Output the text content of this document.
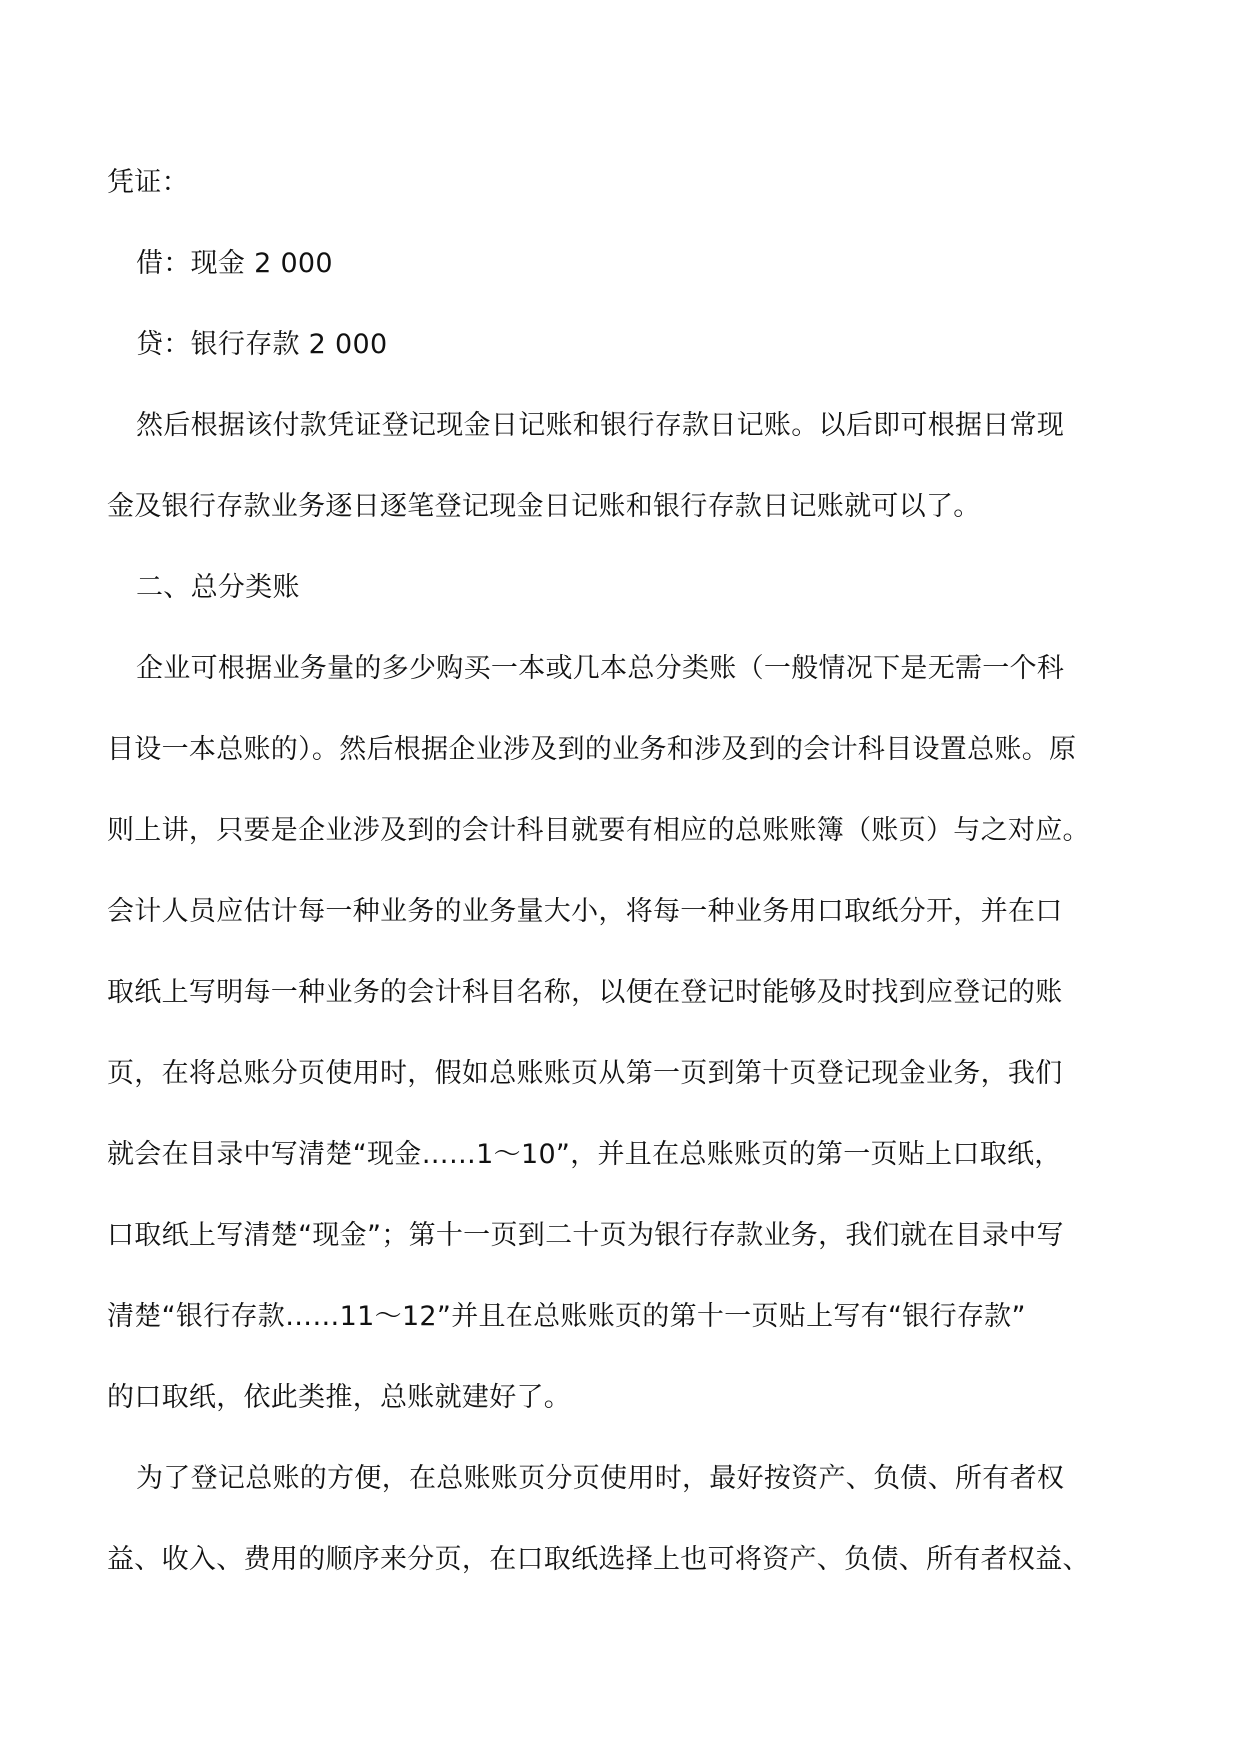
凭证：
借：现金 2 000
贷：银行存款 2 000
然后根据该付款凭证登记现金日记账和银行存款日记账。以后即可根据日常现
金及银行存款业务逐日逐笔登记现金日记账和银行存款日记账就可以了。
二、总分类账
企业可根据业务量的多少购买一本或几本总分类账（一般情况下是无需一个科
目设一本总账的）。然后根据企业涉及到的业务和涉及到的会计科目设置总账。原
则上讲，只要是企业涉及到的会计科目就要有相应的总账账簿（账页）与之对应。
会计人员应估计每一种业务的业务量大小，将每一种业务用口取纸分开，并在口
取纸上写明每一种业务的会计科目名称，以便在登记时能够及时找到应登记的账
页，在将总账分页使用时，假如总账账页从第一页到第十页登记现金业务，我们
就会在目录中写清楚“现金……1～10”，并且在总账账页的第一页贴上口取纸，
口取纸上写清楚“现金”；第十一页到二十页为银行存款业务，我们就在目录中写
清楚“银行存款……11～12”并且在总账账页的第十一页贴上写有“银行存款”
的口取纸，依此类推，总账就建好了。
为了登记总账的方便，在总账账页分页使用时，最好按资产、负债、所有者权
益、收入、费用的顺序来分页，在口取纸选择上也可将资产、负债、所有者权益、
